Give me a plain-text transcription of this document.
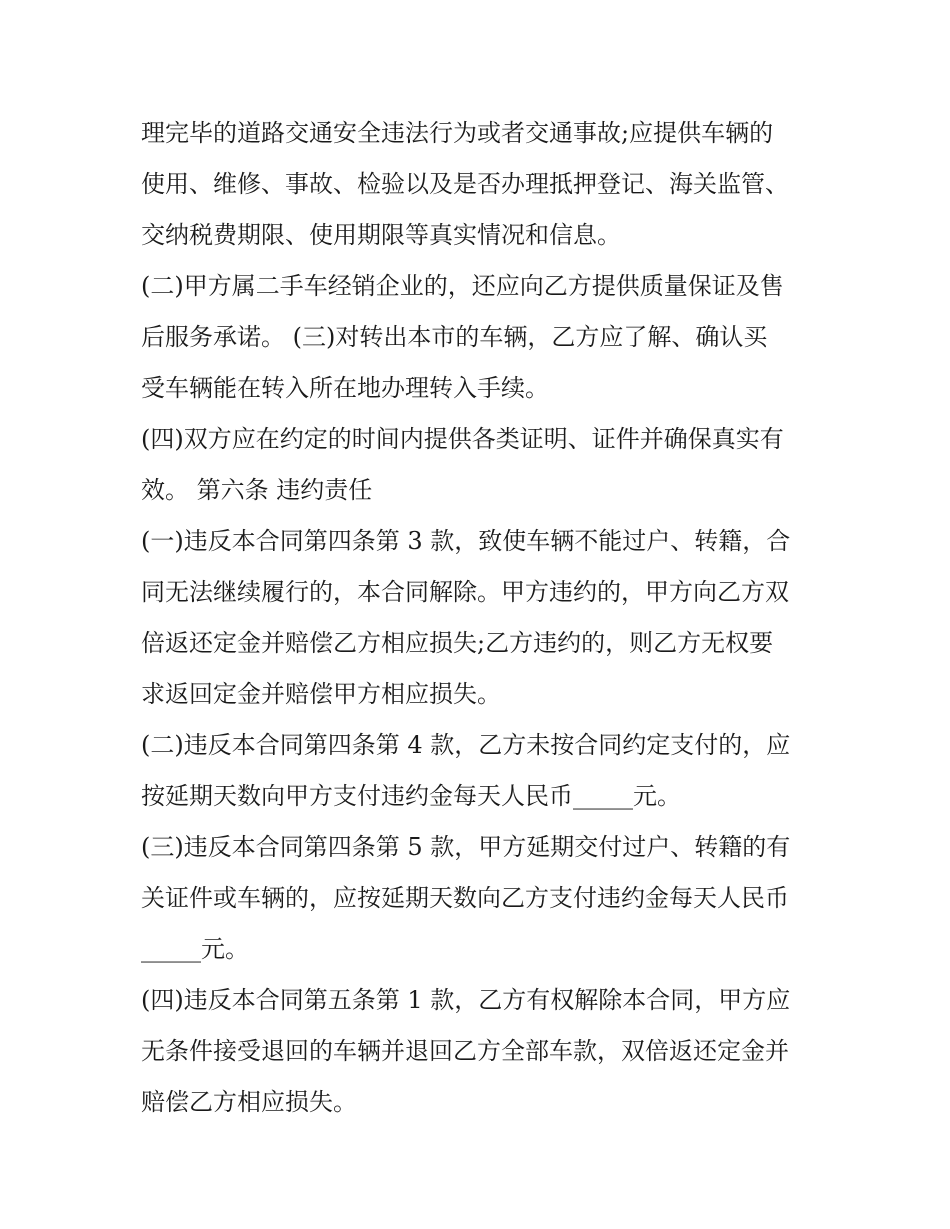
理完毕的道路交通安全违法行为或者交通事故;应提供车辆的
使用、维修、事故、检验以及是否办理抵押登记、海关监管、
交纳税费期限、使用期限等真实情况和信息。
(二)甲方属二手车经销企业的，还应向乙方提供质量保证及售
后服务承诺。 (三)对转出本市的车辆，乙方应了解、确认买
受车辆能在转入所在地办理转入手续。
(四)双方应在约定的时间内提供各类证明、证件并确保真实有
效。 第六条 违约责任
(一)违反本合同第四条第 3 款，致使车辆不能过户、转籍，合
同无法继续履行的，本合同解除。甲方违约的，甲方向乙方双
倍返还定金并赔偿乙方相应损失;乙方违约的，则乙方无权要
求返回定金并赔偿甲方相应损失。
(二)违反本合同第四条第 4 款，乙方未按合同约定支付的，应
按延期天数向甲方支付违约金每天人民币_____元。
(三)违反本合同第四条第 5 款，甲方延期交付过户、转籍的有
关证件或车辆的，应按延期天数向乙方支付违约金每天人民币
_____元。
(四)违反本合同第五条第 1 款，乙方有权解除本合同，甲方应
无条件接受退回的车辆并退回乙方全部车款，双倍返还定金并
赔偿乙方相应损失。
